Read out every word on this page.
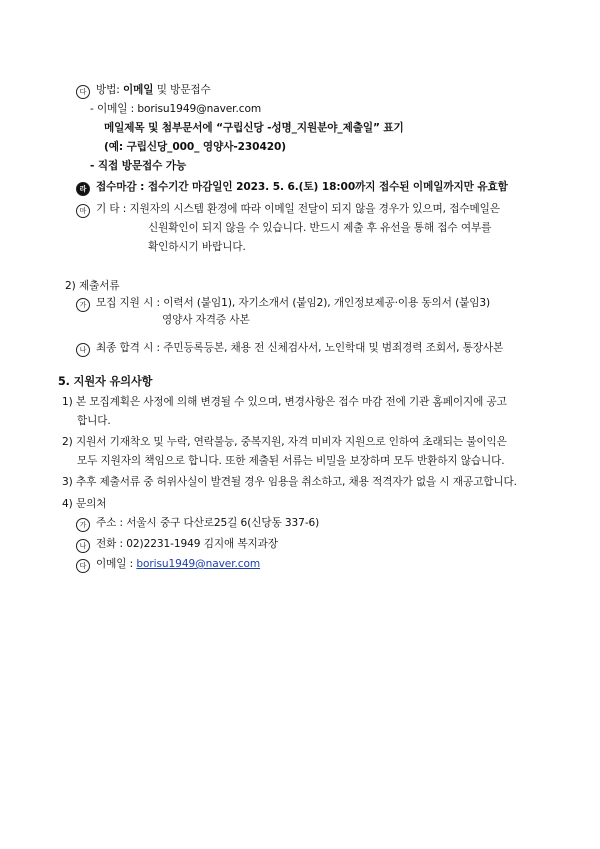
다 방법: 이메일 및 방문접수
- 이메일 : borisu1949@naver.com
메일제목 및 첨부문서에 “구립신당 -성명_지원분야_제출일” 표기
(예: 구립신당_000_ 영양사-230420)
- 직접 방문접수 가능
라 접수마감 : 접수기간 마감일인 2023. 5. 6.(토) 18:00까지 접수된 이메일까지만 유효함
마 기 타 : 지원자의 시스템 환경에 따라 이메일 전달이 되지 않을 경우가 있으며, 접수메일은
신원확인이 되지 않을 수 있습니다. 반드시 제출 후 유선을 통해 접수 여부를
확인하시기 바랍니다.
2) 제출서류
가 모집 지원 시 : 이력서 (붙임1), 자기소개서 (붙임2), 개인정보제공·이용 동의서 (붙임3)
영양사 자격증 사본
나 최종 합격 시 : 주민등록등본, 채용 전 신체검사서, 노인학대 및 범죄경력 조회서, 통장사본
5. 지원자 유의사항
1) 본 모집계획은 사정에 의해 변경될 수 있으며, 변경사항은 접수 마감 전에 기관 홈페이지에 공고
합니다.
2) 지원서 기재착오 및 누락, 연락불능, 중복지원, 자격 미비자 지원으로 인하여 초래되는 불이익은
모두 지원자의 책임으로 합니다. 또한 제출된 서류는 비밀을 보장하며 모두 반환하지 않습니다.
3) 추후 제출서류 중 허위사실이 발견될 경우 임용을 취소하고, 채용 적격자가 없을 시 재공고합니다.
4) 문의처
가 주소 : 서울시 중구 다산로25길 6(신당동 337-6)
나 전화 : 02)2231-1949 김지애 복지과장
다 이메일 : borisu1949@naver.com
